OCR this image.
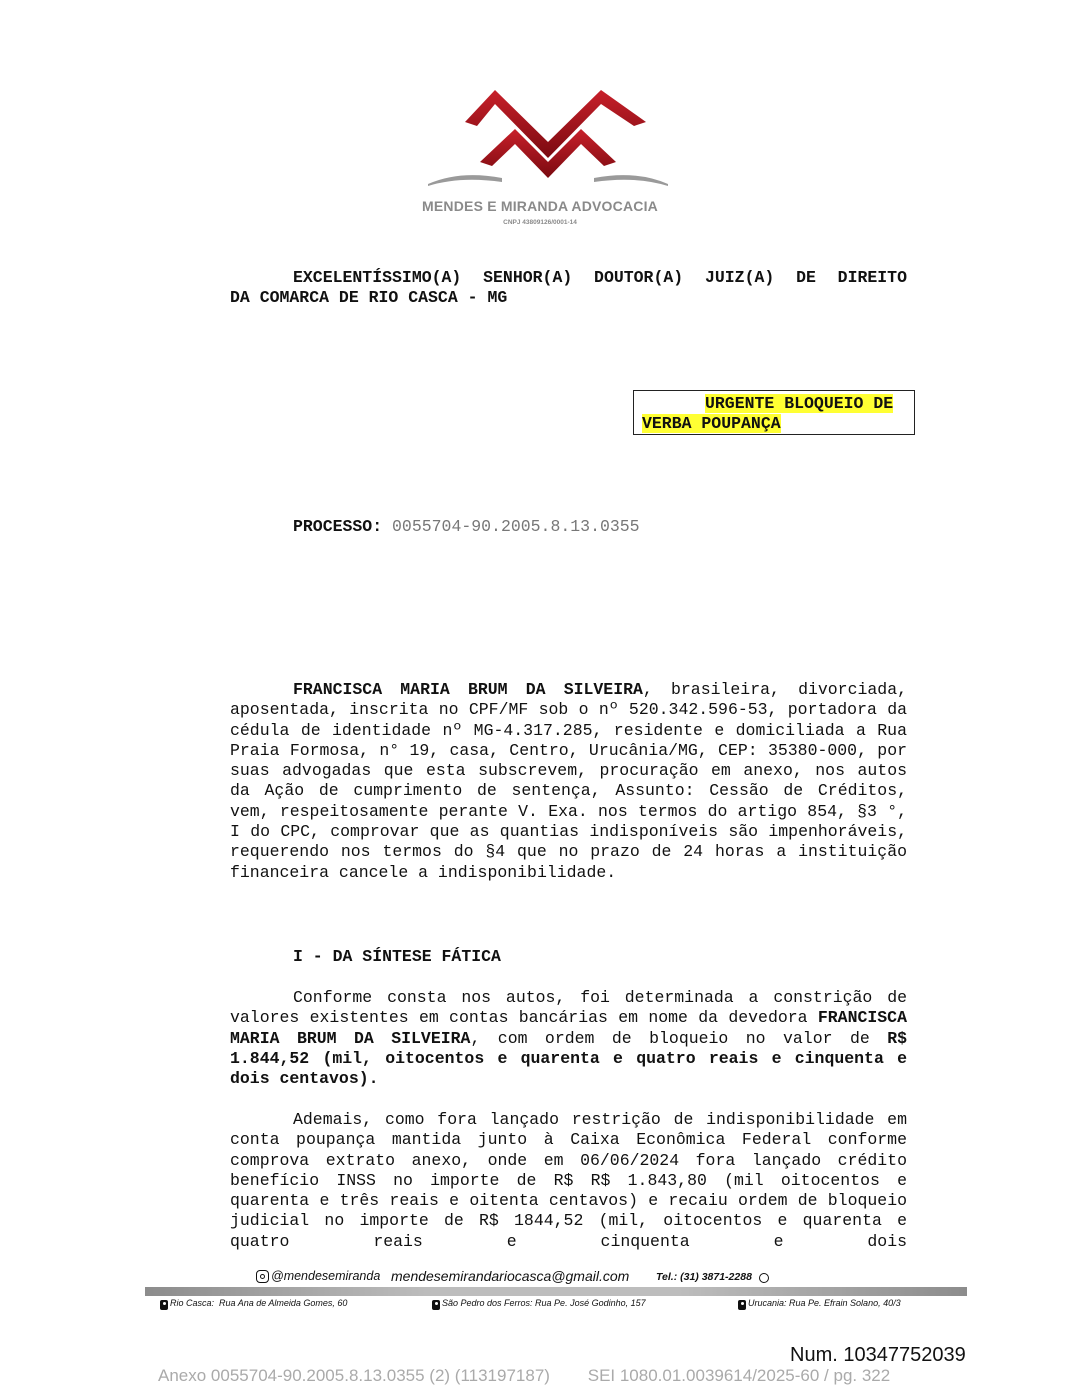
MENDES E MIRANDA ADVOCACIA
CNPJ 43809126/0001-14
EXCELENTÍSSIMO(A) SENHOR(A) DOUTOR(A) JUIZ(A) DE DIREITO
DA COMARCA DE RIO CASCA - MG
URGENTE BLOQUEIO DE
VERBA POUPANÇA
PROCESSO: 0055704-90.2005.8.13.0355
FRANCISCA MARIA BRUM DA SILVEIRA, brasileira, divorciada, aposentada, inscrita no CPF/MF sob o nº 520.342.596-53, portadora da cédula de identidade nº MG-4.317.285, residente e domiciliada a Rua Praia Formosa, n° 19, casa, Centro, Urucânia/MG, CEP: 35380-000, por suas advogadas que esta subscrevem, procuração em anexo, nos autos da Ação de cumprimento de sentença, Assunto: Cessão de Créditos, vem, respeitosamente perante V. Exa. nos termos do artigo 854, §3 °, I do CPC, comprovar que as quantias indisponíveis são impenhoráveis, requerendo nos termos do §4 que no prazo de 24 horas a instituição financeira cancele a indisponibilidade.
I - DA SÍNTESE FÁTICA
Conforme consta nos autos, foi determinada a constrição de valores existentes em contas bancárias em nome da devedora FRANCISCA MARIA BRUM DA SILVEIRA, com ordem de bloqueio no valor de R$ 1.844,52 (mil, oitocentos e quarenta e quatro reais e cinquenta e dois centavos).
Ademais, como fora lançado restrição de indisponibilidade em conta poupança mantida junto à Caixa Econômica Federal conforme comprova extrato anexo, onde em 06/06/2024 fora lançado crédito benefício INSS no importe de R$ R$ 1.843,80 (mil oitocentos e quarenta e três reais e oitenta centavos) e recaiu ordem de bloqueio judicial no importe de R$ 1844,52 (mil, oitocentos e quarenta e quatro reais e cinquenta e dois
@mendesemiranda mendesemirandariocasca@gmail.com	Tel.: (31) 3871-2288
Rio Casca:  Rua Ana de Almeida Gomes, 60	São Pedro dos Ferros: Rua Pe. José Godinho, 157	Urucania: Rua Pe. Efrain Solano, 40/3
Num. 10347752039
Anexo 0055704-90.2005.8.13.0355 (2) (113197187)        SEI 1080.01.0039614/2025-60 / pg. 322
